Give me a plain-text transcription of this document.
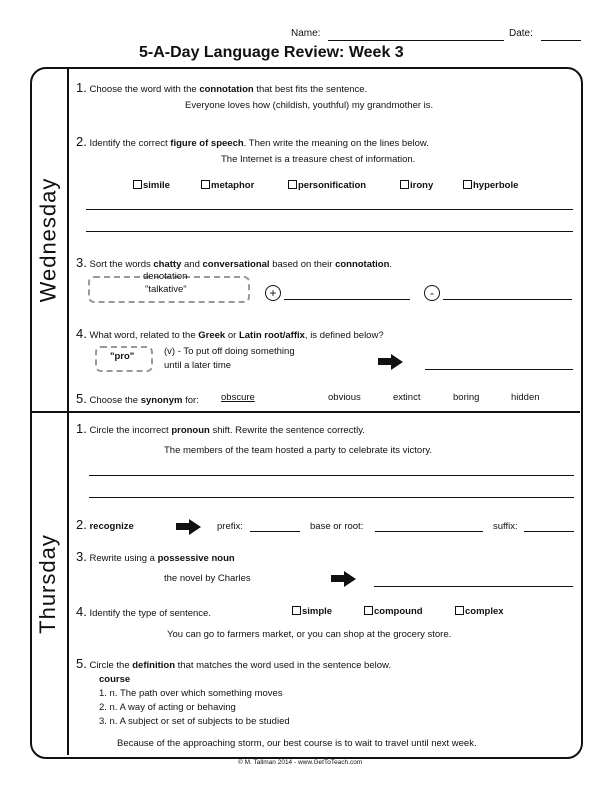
Name:	Date:
5-A-Day Language Review: Week 3
Wednesday
Thursday
1. Choose the word with the connotation that best fits the sentence.
Everyone loves how (childish, youthful) my grandmother is.
2. Identify the correct figure of speech. Then write the meaning on the lines below.
The Internet is a treasure chest of information.
simile	metaphor	personification	irony	hyperbole
3. Sort the words chatty and conversational based on their connotation.
denotation
"talkative"	+	-
4. What word, related to the Greek or Latin root/affix, is defined below?
"pro"	(v) - To put off doing something
until a later time
5. Choose the synonym for: obscure	obvious	extinct	boring	hidden
1. Circle the incorrect pronoun shift. Rewrite the sentence correctly.
The members of the team hosted a party to celebrate its victory.
2. recognize	prefix:	base or root:	suffix:
3. Rewrite using a possessive noun
the novel by Charles
4. Identify the type of sentence.	simple	compound	complex
You can go to farmers market, or you can shop at the grocery store.
5. Circle the definition that matches the word used in the sentence below.
course
1. n. The path over which something moves
2. n. A way of acting or behaving
3. n. A subject or set of subjects to be studied
Because of the approaching storm, our best course is to wait to travel until next week.
© M. Tallman 2014 - www.GetToTeach.com
